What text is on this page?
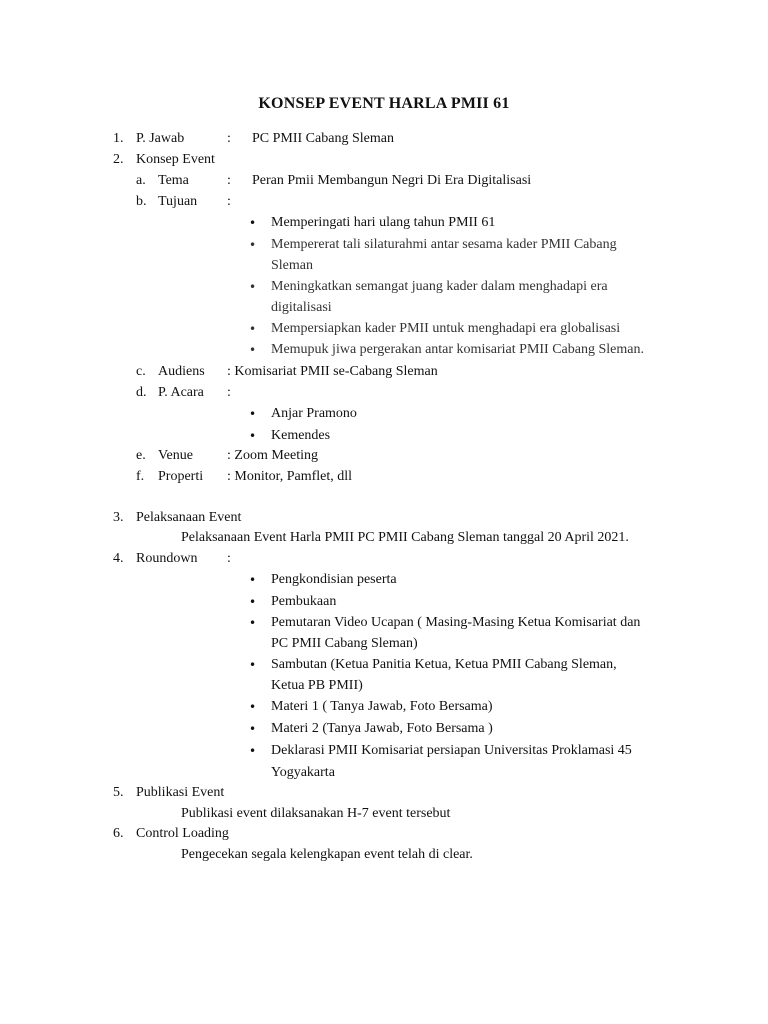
KONSEP EVENT HARLA PMII 61
1. P. Jawab	: PC PMII Cabang Sleman
2. Konsep Event
a. Tema	: Peran Pmii Membangun Negri Di Era Digitalisasi
b. Tujuan :
• Memperingati hari ulang tahun PMII 61
• Mempererat tali silaturahmi antar sesama kader PMII Cabang
Sleman
• Meningkatkan semangat juang kader dalam menghadapi era
digitalisasi
• Mempersiapkan kader PMII untuk menghadapi era globalisasi
• Memupuk jiwa pergerakan antar komisariat PMII Cabang Sleman.
c. Audiens : Komisariat PMII se-Cabang Sleman
d. P. Acara :
• Anjar Pramono
• Kemendes
e. Venue : Zoom Meeting
f. Properti : Monitor, Pamflet, dll
3. Pelaksanaan Event
Pelaksanaan Event Harla PMII PC PMII Cabang Sleman tanggal 20 April 2021.
4. Roundown :
• Pengkondisian peserta
• Pembukaan
• Pemutaran Video Ucapan ( Masing-Masing Ketua Komisariat dan
PC PMII Cabang Sleman)
• Sambutan (Ketua Panitia Ketua, Ketua PMII Cabang Sleman,
Ketua PB PMII)
• Materi 1 ( Tanya Jawab, Foto Bersama)
• Materi 2 (Tanya Jawab, Foto Bersama )
• Deklarasi PMII Komisariat persiapan Universitas Proklamasi 45
Yogyakarta
5. Publikasi Event
Publikasi event dilaksanakan H-7 event tersebut
6. Control Loading
Pengecekan segala kelengkapan event telah di clear.
